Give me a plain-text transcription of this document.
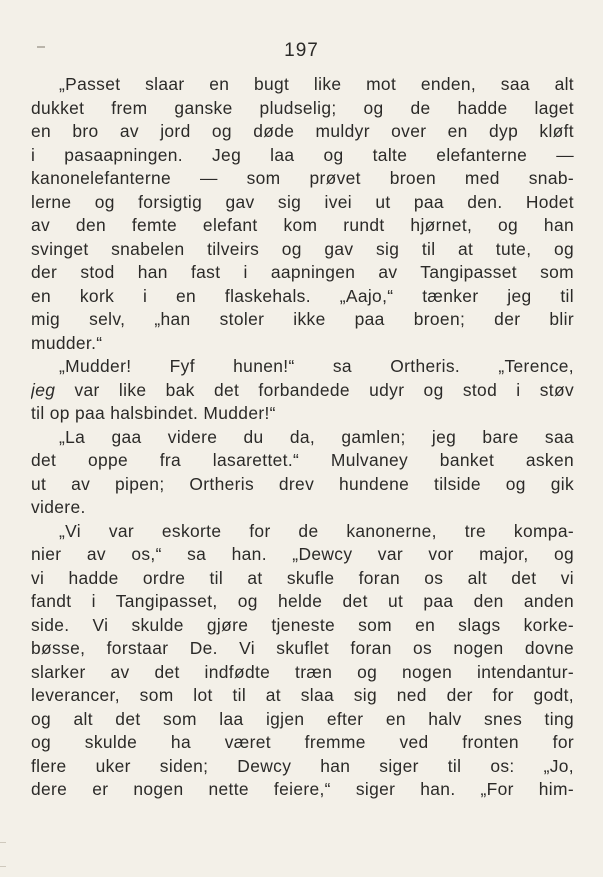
197
„Passet slaar en bugt like mot enden, saa alt
dukket frem ganske pludselig; og de hadde laget
en bro av jord og døde muldyr over en dyp kløft
i pasaapningen. Jeg laa og talte elefanterne —
kanonelefanterne — som prøvet broen med snab-
lerne og forsigtig gav sig ivei ut paa den. Hodet
av den femte elefant kom rundt hjørnet, og han
svinget snabelen tilveirs og gav sig til at tute, og
der stod han fast i aapningen av Tangipasset som
en kork i en flaskehals. „Aajo,“ tænker jeg til
mig selv, „han stoler ikke paa broen; der blir
mudder.“
„Mudder! Fyf hunen!“ sa Ortheris. „Terence,
jeg var like bak det forbandede udyr og stod i støv
til op paa halsbindet. Mudder!“
„La gaa videre du da, gamlen; jeg bare saa
det oppe fra lasarettet.“ Mulvaney banket asken
ut av pipen; Ortheris drev hundene tilside og gik
videre.
„Vi var eskorte for de kanonerne, tre kompa-
nier av os,“ sa han. „Dewcy var vor major, og
vi hadde ordre til at skufle foran os alt det vi
fandt i Tangipasset, og helde det ut paa den anden
side. Vi skulde gjøre tjeneste som en slags korke-
bøsse, forstaar De. Vi skuflet foran os nogen dovne
slarker av det indfødte træn og nogen intendantur-
leverancer, som lot til at slaa sig ned der for godt,
og alt det som laa igjen efter en halv snes ting
og skulde ha været fremme ved fronten for
flere uker siden; Dewcy han siger til os: „Jo,
dere er nogen nette feiere,“ siger han. „For him-
